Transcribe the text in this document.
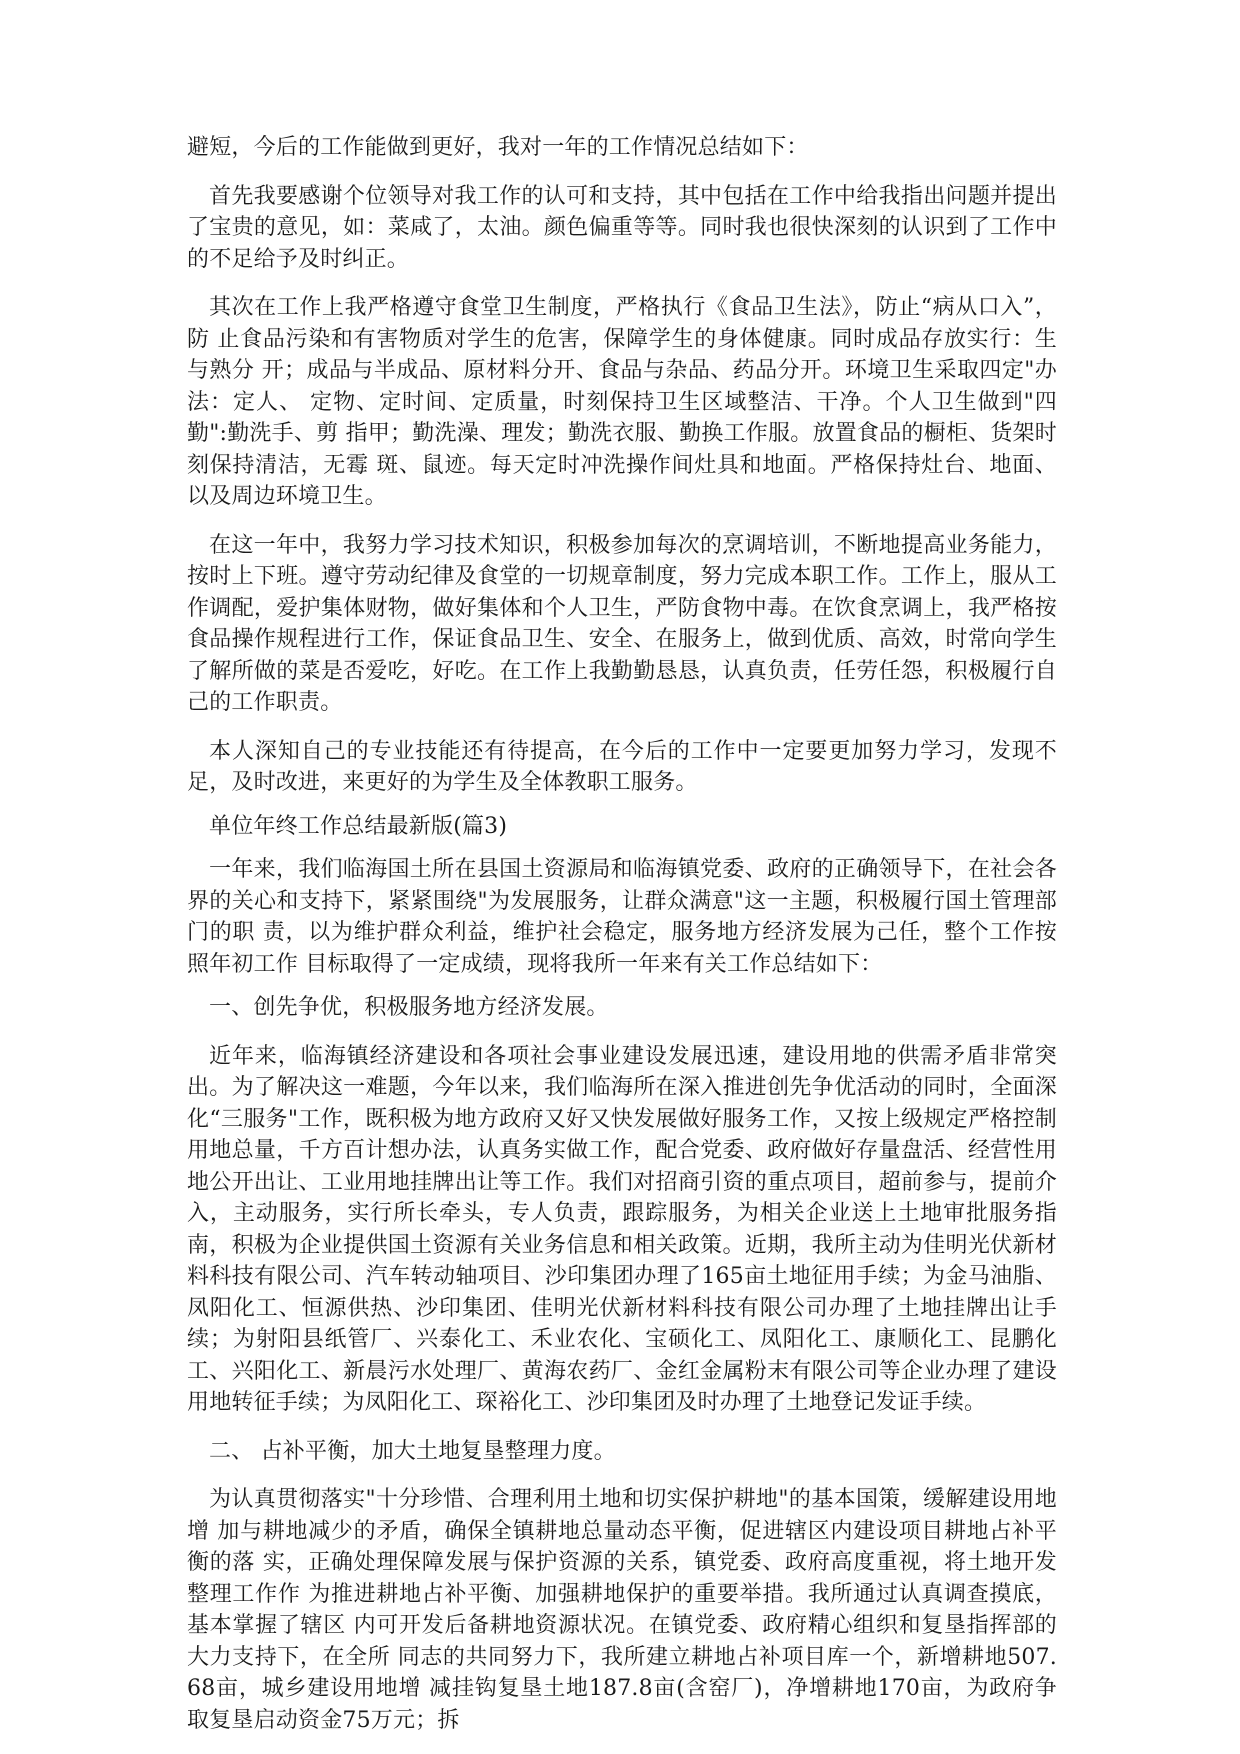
避短，今后的工作能做到更好，我对一年的工作情况总结如下：

首先我要感谢个位领导对我工作的认可和支持，其中包括在工作中给我指出问题并提出了宝贵的意见，如：菜咸了，太油。颜色偏重等等。同时我也很快深刻的认识到了工作中的不足给予及时纠正。

其次在工作上我严格遵守食堂卫生制度，严格执行《食品卫生法》，防止“病从口入”，防 止食品污染和有害物质对学生的危害，保障学生的身体健康。同时成品存放实行：生与熟分 开；成品与半成品、原材料分开、食品与杂品、药品分开。环境卫生采取四定"办法：定人、 定物、定时间、定质量，时刻保持卫生区域整洁、干净。个人卫生做到"四勤":勤洗手、剪 指甲；勤洗澡、理发；勤洗衣服、勤换工作服。放置食品的橱柜、货架时刻保持清洁，无霉 斑、鼠迹。每天定时冲洗操作间灶具和地面。严格保持灶台、地面、以及周边环境卫生。

在这一年中，我努力学习技术知识，积极参加每次的烹调培训，不断地提高业务能力，按时上下班。遵守劳动纪律及食堂的一切规章制度，努力完成本职工作。工作上，服从工作调配，爱护集体财物，做好集体和个人卫生，严防食物中毒。在饮食烹调上，我严格按食品操作规程进行工作，保证食品卫生、安全、在服务上，做到优质、高效，时常向学生了解所做的菜是否爱吃，好吃。在工作上我勤勤恳恳，认真负责，任劳任怨，积极履行自己的工作职责。

本人深知自己的专业技能还有待提高，在今后的工作中一定要更加努力学习，发现不足，及时改进，来更好的为学生及全体教职工服务。

单位年终工作总结最新版(篇3)

一年来，我们临海国土所在县国土资源局和临海镇党委、政府的正确领导下，在社会各界的关心和支持下，紧紧围绕"为发展服务，让群众满意"这一主题，积极履行国土管理部门的职 责，以为维护群众利益，维护社会稳定，服务地方经济发展为己任，整个工作按照年初工作 目标取得了一定成绩，现将我所一年来有关工作总结如下：

一、创先争优，积极服务地方经济发展。

近年来，临海镇经济建设和各项社会事业建设发展迅速，建设用地的供需矛盾非常突出。为了解决这一难题，今年以来，我们临海所在深入推进创先争优活动的同时，全面深化“三服务"工作，既积极为地方政府又好又快发展做好服务工作，又按上级规定严格控制用地总量，千方百计想办法，认真务实做工作，配合党委、政府做好存量盘活、经营性用地公开出让、工业用地挂牌出让等工作。我们对招商引资的重点项目，超前参与，提前介入，主动服务，实行所长牵头，专人负责，跟踪服务，为相关企业送上土地审批服务指南，积极为企业提供国土资源有关业务信息和相关政策。近期，我所主动为佳明光伏新材料科技有限公司、汽车转动轴项目、沙印集团办理了165亩土地征用手续；为金马油脂、凤阳化工、恒源供热、沙印集团、佳明光伏新材料科技有限公司办理了土地挂牌出让手续；为射阳县纸管厂、兴泰化工、禾业农化、宝硕化工、凤阳化工、康顺化工、昆鹏化工、兴阳化工、新晨污水处理厂、黄海农药厂、金红金属粉末有限公司等企业办理了建设用地转征手续；为凤阳化工、琛裕化工、沙印集团及时办理了土地登记发证手续。

二、 占补平衡，加大土地复垦整理力度。

为认真贯彻落实"十分珍惜、合理利用土地和切实保护耕地"的基本国策，缓解建设用地增 加与耕地减少的矛盾，确保全镇耕地总量动态平衡，促进辖区内建设项目耕地占补平衡的落 实，正确处理保障发展与保护资源的关系，镇党委、政府高度重视，将土地开发整理工作作 为推进耕地占补平衡、加强耕地保护的重要举措。我所通过认真调查摸底，基本掌握了辖区 内可开发后备耕地资源状况。在镇党委、政府精心组织和复垦指挥部的大力支持下，在全所 同志的共同努力下，我所建立耕地占补项目库一个，新增耕地507.68亩，城乡建设用地增 减挂钩复垦土地187.8亩(含窑厂)，净增耕地170亩，为政府争取复垦启动资金75万元；拆
